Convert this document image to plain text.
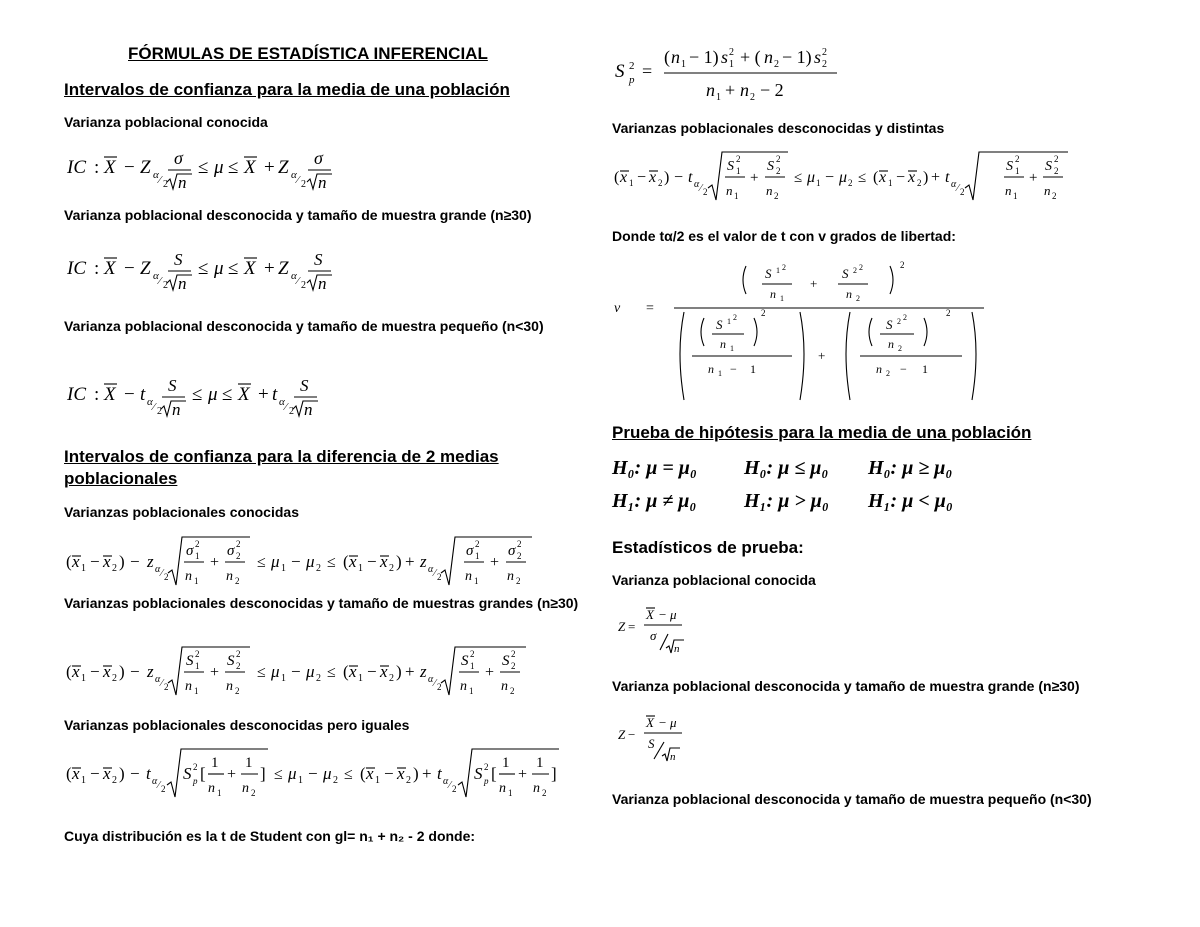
FÓRMULAS DE ESTADÍSTICA INFERENCIAL
Intervalos de confianza para la media de una población
Varianza poblacional conocida
IC : X − Z α ⁄ 2
σ
n
≤ μ ≤ X + Z α ⁄ 2
σ
n
Varianza poblacional desconocida y tamaño de muestra grande (n≥30)
IC : X − Z α ⁄ 2
S
n
≤ μ ≤ X + Z α ⁄ 2
S
n
Varianza poblacional desconocida y tamaño de muestra pequeño (n<30)
IC : X − t α ⁄ 2
S
n
≤ μ ≤ X + t α ⁄ 2
S
n
Intervalos de confianza para la diferencia de 2 medias poblacionales
Varianzas poblacionales conocidas
( x 1 − x 2 ) − z α ⁄ 2
σ 2
1
n 1
+
σ 2
2
n 2
≤ μ 1 − μ 2 ≤ ( x 1 − x 2 ) + z α ⁄ 2
σ 2
1
n 1
+
σ 2
2
n 2
Varianzas poblacionales desconocidas y tamaño de muestras grandes (n≥30)
( x 1 − x 2 ) − z α ⁄ 2
S 2
1
n 1
+
S 2
2
n 2
≤ μ 1 − μ 2 ≤ ( x 1 − x 2 ) + z α ⁄ 2
S 2
1
n 1
+
S 2
2
n 2
Varianzas poblacionales desconocidas pero iguales
( x 1 − x 2 ) − t α ⁄ 2
S 2
p [
1
n 1
+
1
n 2
] ≤ μ 1 − μ 2 ≤ ( x 1 − x 2 ) + t α ⁄ 2
S 2
p [
1
n 1
+
1
n 2
]
Cuya distribución es la t de Student con gl= n₁ + n₂ - 2 donde:
S 2
p =
( n 1 − 1) s 2
1 + ( n 2 − 1) s 2
2
n 1 + n 2 − 2
Varianzas poblacionales desconocidas y distintas
( x 1 − x 2 ) − t α ⁄ 2
S 2
1
n 1
+
S 2
2
n 2
≤ μ 1 − μ 2 ≤ ( x 1 − x 2 ) + t α ⁄ 2
S 2
1
n 1
+
S 2
2
n 2
Donde tα/2 es el valor de t con v grados de libertad:
ν =
S 1 2
n 1
+
S 2 2
n 2
2
S 1 2
n 1
2
n 1 − 1
+
S 2 2
n 2
2
n 2 − 1
Prueba de hipótesis para la media de una población
H₀: μ = μ₀ H₀: μ ≤ μ₀ H₀: μ ≥ μ₀
H₁: μ ≠ μ₀ H₁: μ > μ₀ H₁: μ < μ₀
Estadísticos de prueba:
Varianza poblacional conocida
Z =
X − μ
σ
n
Varianza poblacional desconocida y tamaño de muestra grande (n≥30)
Z −
X − μ
S
n
Varianza poblacional desconocida y tamaño de muestra pequeño (n<30)
